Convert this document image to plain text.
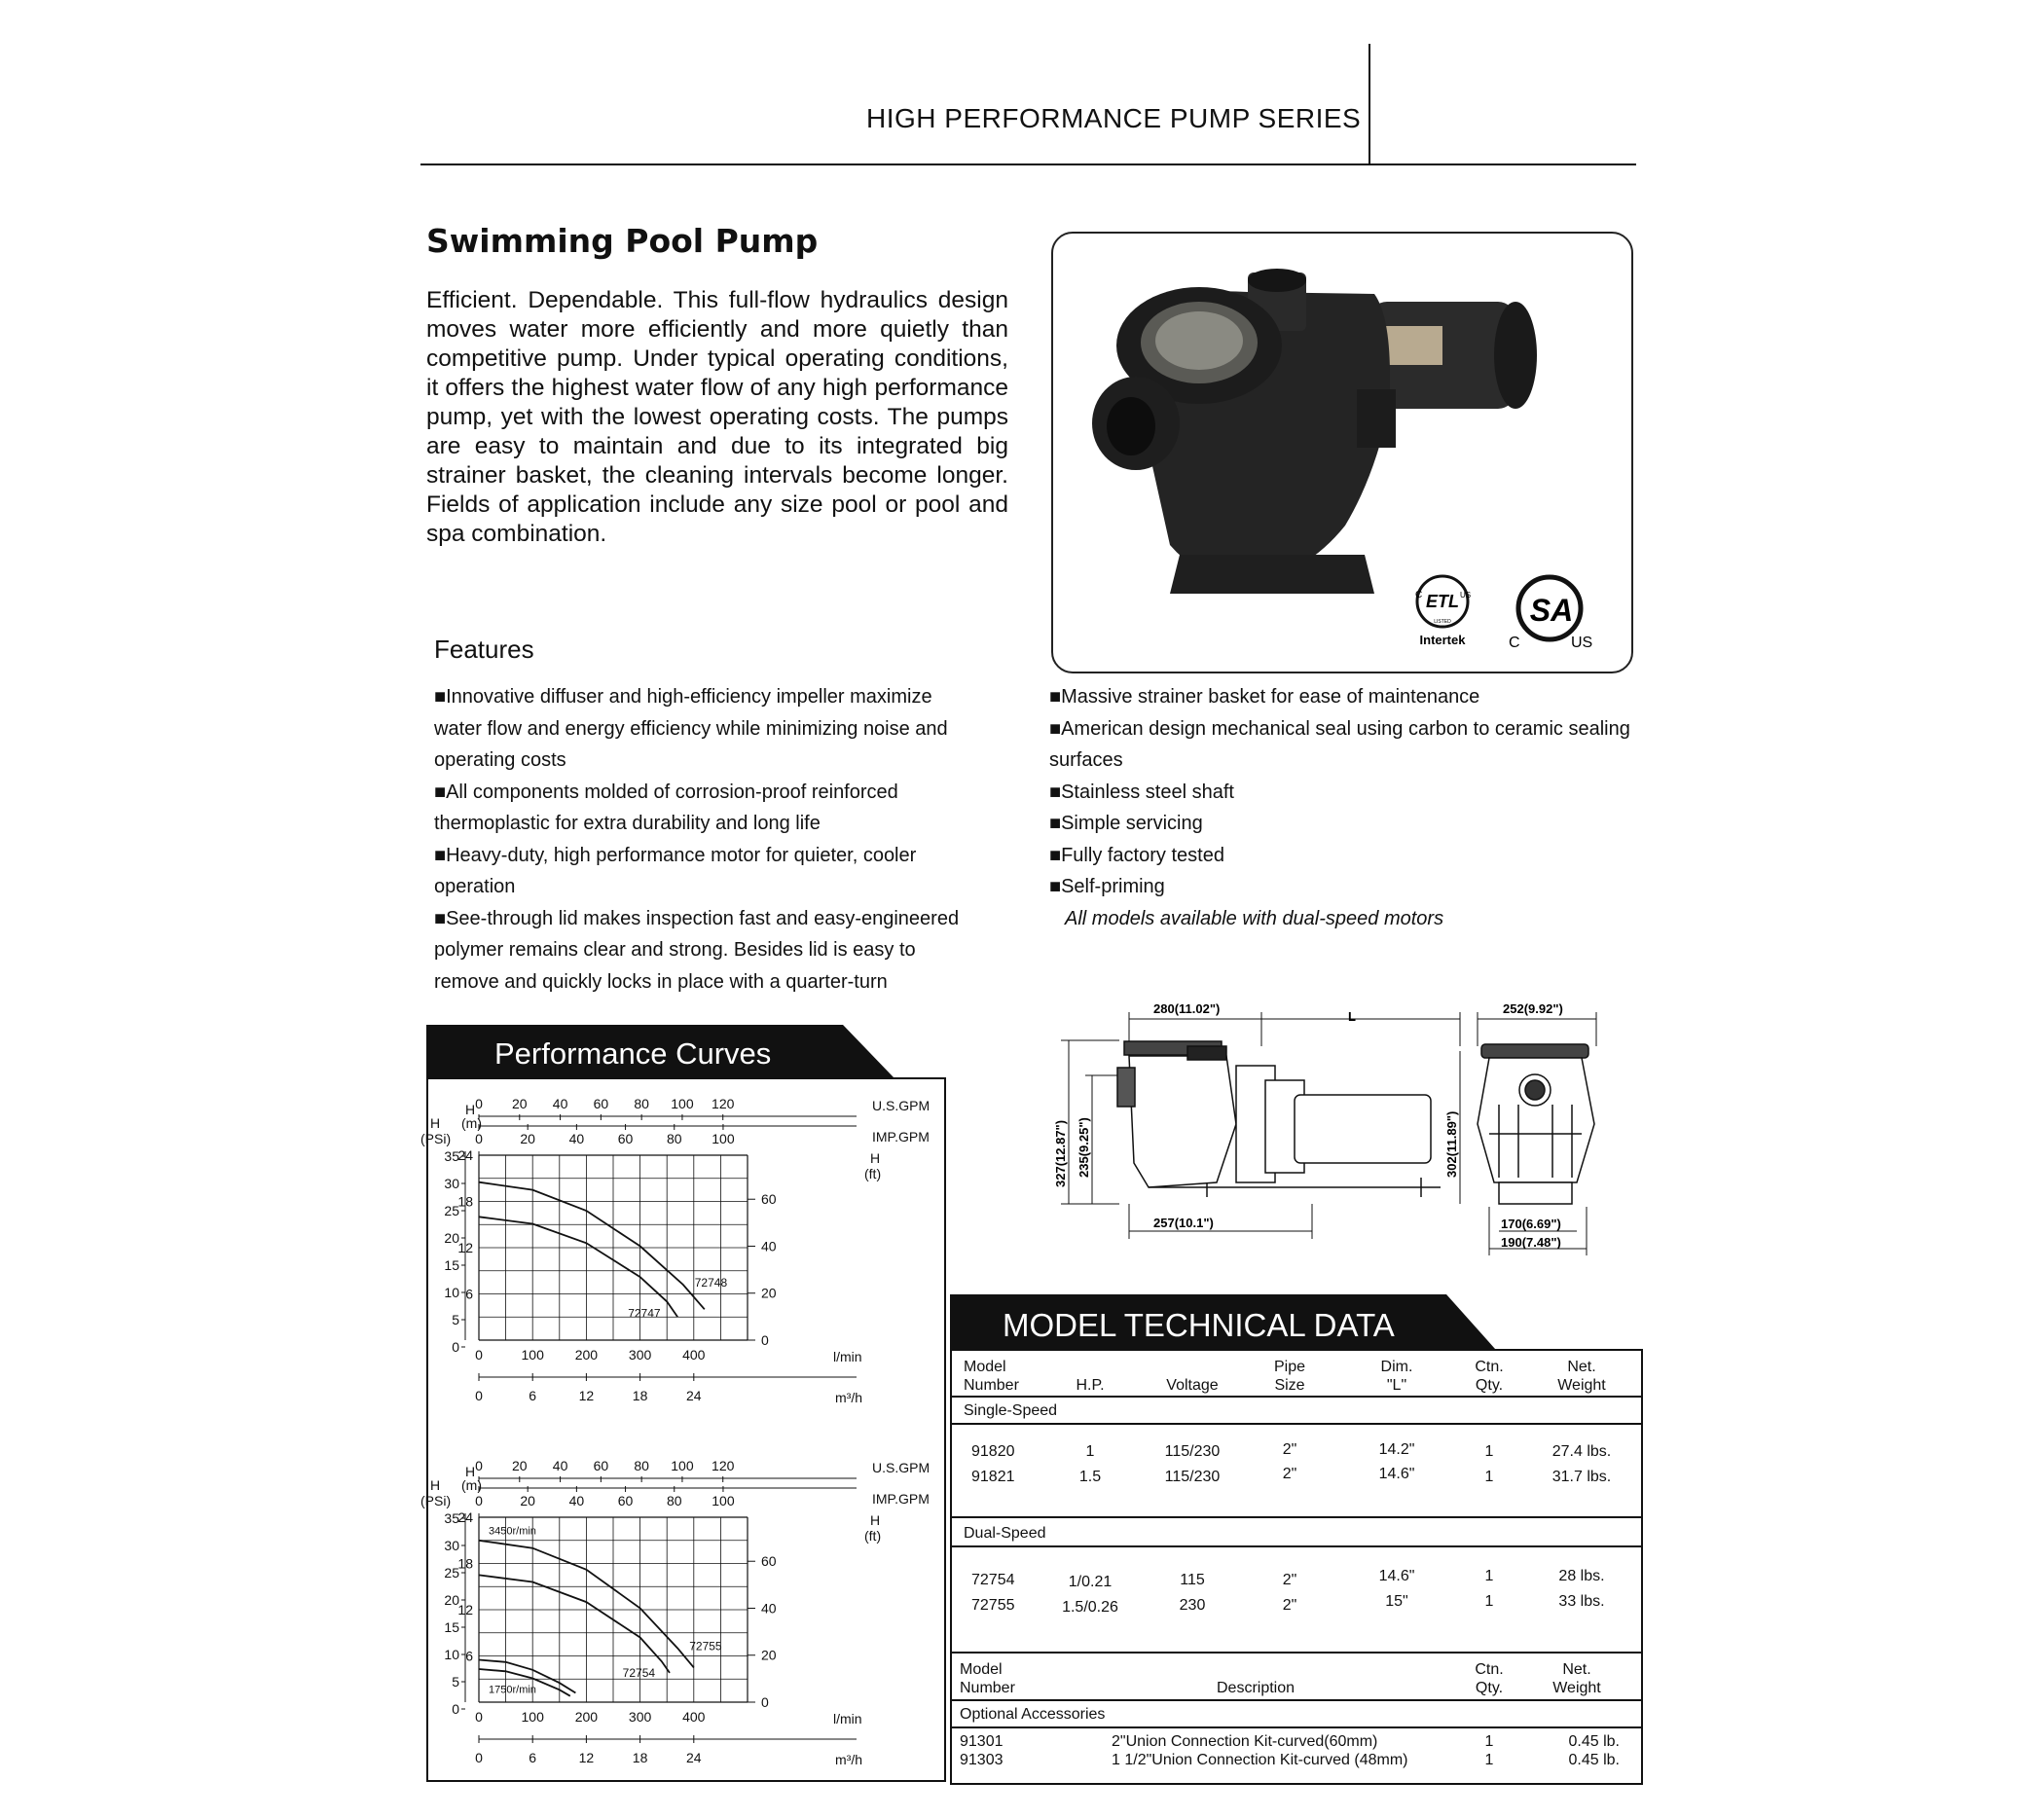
HIGH PERFORMANCE PUMP SERIES
Swimming Pool Pump
Efficient. Dependable. This full-flow hydraulics design moves water more efficiently and more quietly than competitive pump. Under typical operating conditions, it offers the highest water flow of any high performance pump, yet with the lowest operating costs. The pumps are easy to maintain and due to its integrated big strainer basket, the cleaning intervals become longer. Fields of application include any size pool or pool and spa combination.
ETL
C	US
LISTED
Intertek
SA
C	US
Features
■Innovative diffuser and high-efficiency impeller maximize water flow and energy efficiency while minimizing noise and operating costs
■All components molded of corrosion-proof reinforced thermoplastic for extra durability and long life
■Heavy-duty, high performance motor for quieter, cooler operation
■See-through lid makes inspection fast and easy-engineered polymer remains clear and strong. Besides lid is easy to remove and quickly locks in place with a quarter-turn
■Massive strainer basket for ease of maintenance
■American design mechanical seal using carbon to ceramic sealing surfaces
■Stainless steel shaft
■Simple servicing
■Fully factory tested
■Self-priming
All models available with dual-speed motors
280(11.02")
L
252(9.92")
257(10.1")	170(6.69")
190(7.48")
327(12.87") 235(9.25")	302(11.89")
Performance Curves
H
(PSi)
H
(m)
U.S.GPM
IMP.GPM
H
(ft)
l/min
m³/h
35
30
25
20
15
10
5
0
24
18
12
6
60
40
20
0
0 20 40 60 80 100 120
0	20 40 60 80 100
0	100 200 300 400
0	6	12	18	24
72748
72747
H
(PSi)
H
(m)
U.S.GPM
IMP.GPM
H
(ft)
l/min
m³/h
35
30
25
20
15
10
5
0
24
18
12
6
60
40
20
0
0 20 40 60 80 100 120
0	20 40 60 80 100
0	100 200 300 400
0	6	12	18	24
72755
72754
3450r/min
1750r/min
MODEL TECHNICAL DATA
Model
Number	H.P.	Voltage
Pipe
Size
Dim.
"L"
Ctn.
Qty.
Net.
Weight
Single-Speed
91820	1	115/230	2"	14.2"	1	27.4 lbs.
91821	1.5	115/230	2"	14.6"	1	31.7 lbs.
Dual-Speed
72754	1/0.21	115	2"	14.6"	1	28 lbs.
72755	1.5/0.26	230	2"	15"	1	33 lbs.
Model
Number	Description
Ctn.
Qty.
Net.
Weight
Optional Accessories
91301	2"Union Connection Kit-curved(60mm)	1	0.45 lb.
91303	1 1/2"Union Connection Kit-curved (48mm)	1	0.45 lb.
